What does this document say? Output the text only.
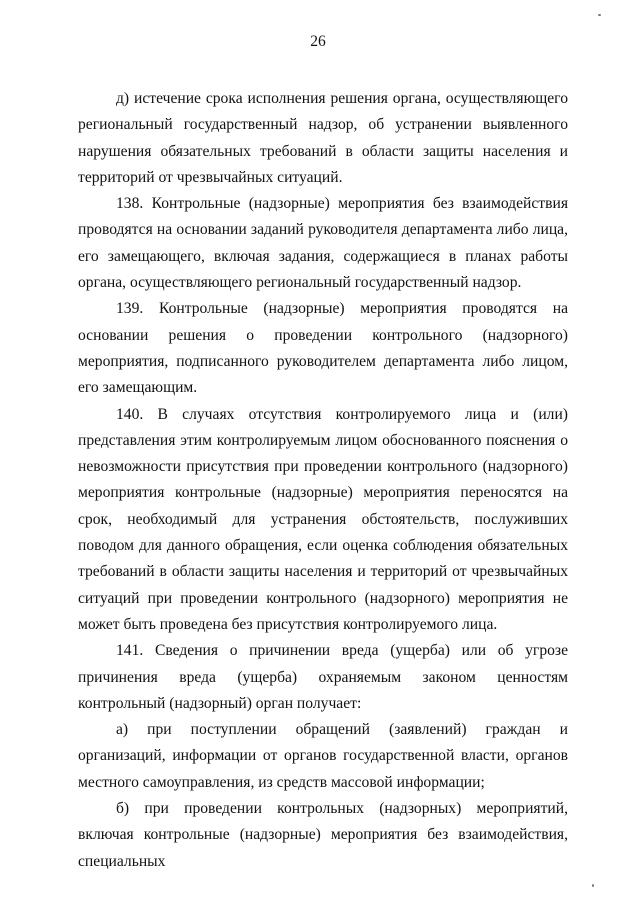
26

д) истечение срока исполнения решения органа, осуществляющего региональный государственный надзор, об устранении выявленного нарушения обязательных требований в области защиты населения и территорий от чрезвычайных ситуаций.

138. Контрольные (надзорные) мероприятия без взаимодействия проводятся на основании заданий руководителя департамента либо лица, его замещающего, включая задания, содержащиеся в планах работы органа, осуществляющего региональный государственный надзор.

139. Контрольные (надзорные) мероприятия проводятся на основании решения о проведении контрольного (надзорного) мероприятия, подписанного руководителем департамента либо лицом, его замещающим.

140. В случаях отсутствия контролируемого лица и (или) представления этим контролируемым лицом обоснованного пояснения о невозможности присутствия при проведении контрольного (надзорного) мероприятия контрольные (надзорные) мероприятия переносятся на срок, необходимый для устранения обстоятельств, послуживших поводом для данного обращения, если оценка соблюдения обязательных требований в области защиты населения и территорий от чрезвычайных ситуаций при проведении контрольного (надзорного) мероприятия не может быть проведена без присутствия контролируемого лица.

141. Сведения о причинении вреда (ущерба) или об угрозе причинения вреда (ущерба) охраняемым законом ценностям контрольный (надзорный) орган получает:

а) при поступлении обращений (заявлений) граждан и организаций, информации от органов государственной власти, органов местного самоуправления, из средств массовой информации;

б) при проведении контрольных (надзорных) мероприятий, включая контрольные (надзорные) мероприятия без взаимодействия, специальных
